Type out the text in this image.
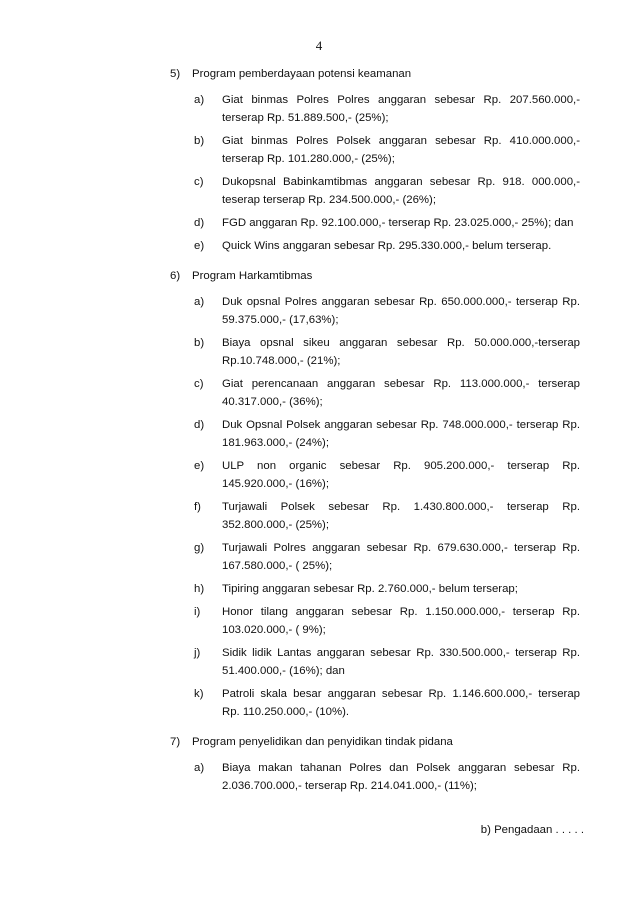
4
5)	Program pemberdayaan potensi keamanan
a)	Giat binmas Polres Polres anggaran sebesar Rp. 207.560.000,- terserap Rp. 51.889.500,- (25%);
b)	Giat binmas Polres Polsek anggaran sebesar Rp. 410.000.000,- terserap Rp. 101.280.000,- (25%);
c)	Dukopsnal Babinkamtibmas anggaran sebesar Rp. 918. 000.000,- teserap terserap Rp. 234.500.000,- (26%);
d)	FGD anggaran Rp. 92.100.000,- terserap Rp. 23.025.000,- 25%); dan
e)	Quick Wins anggaran sebesar Rp. 295.330.000,- belum terserap.
6)	Program Harkamtibmas
a)	Duk opsnal Polres anggaran sebesar Rp. 650.000.000,- terserap Rp. 59.375.000,- (17,63%);
b)	Biaya opsnal sikeu anggaran sebesar Rp. 50.000.000,-terserap Rp.10.748.000,- (21%);
c)	Giat perencanaan anggaran sebesar Rp. 113.000.000,- terserap 40.317.000,- (36%);
d)	Duk Opsnal Polsek anggaran sebesar Rp. 748.000.000,- terserap Rp. 181.963.000,- (24%);
e)	ULP non organic sebesar Rp. 905.200.000,- terserap Rp. 145.920.000,- (16%);
f)	Turjawali Polsek sebesar Rp. 1.430.800.000,- terserap Rp. 352.800.000,- (25%);
g)	Turjawali Polres anggaran sebesar Rp. 679.630.000,- terserap Rp. 167.580.000,- ( 25%);
h)	Tipiring anggaran sebesar Rp. 2.760.000,- belum terserap;
i)	Honor tilang anggaran sebesar Rp. 1.150.000.000,- terserap Rp. 103.020.000,- ( 9%);
j)	Sidik lidik Lantas anggaran sebesar Rp. 330.500.000,- terserap Rp. 51.400.000,- (16%); dan
k)	Patroli skala besar anggaran sebesar Rp. 1.146.600.000,- terserap Rp. 110.250.000,- (10%).
7)	Program penyelidikan dan penyidikan tindak pidana
a)	Biaya makan tahanan Polres dan Polsek anggaran sebesar Rp. 2.036.700.000,- terserap Rp. 214.041.000,- (11%);
b) Pengadaan . . . . .
